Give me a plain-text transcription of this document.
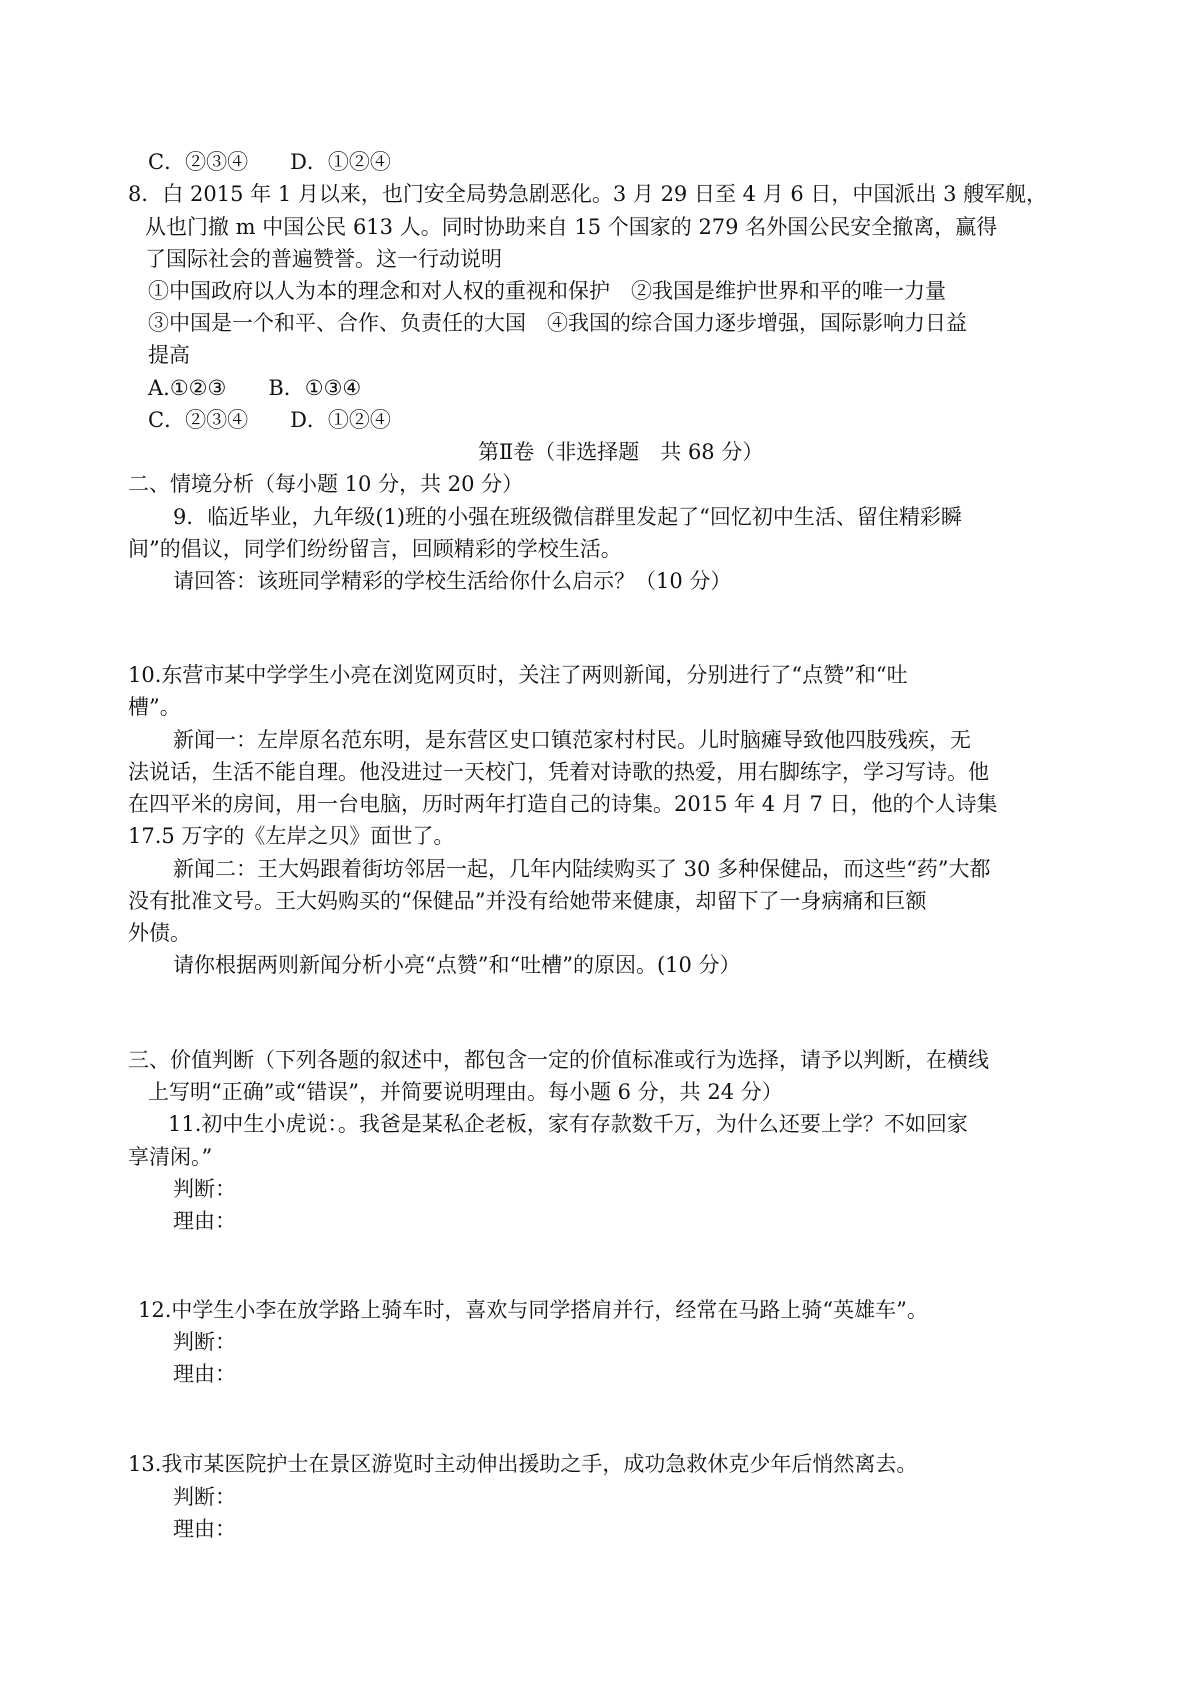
C．②③④　　D．①②④
8．白 2015 年 1 月以来，也门安全局势急剧恶化。3 月 29 日至 4 月 6 日，中国派出 3 艘军舰，
从也门撤 m 中国公民 613 人。同时协助来自 15 个国家的 279 名外国公民安全撤离，赢得
了国际社会的普遍赞誉。这一行动说明
①中国政府以人为本的理念和对人权的重视和保护　②我国是维护世界和平的唯一力量
③中国是一个和平、合作、负责任的大国　④我国的综合国力逐步增强，国际影响力日益
提高
A.①②③　　B．①③④
C．②③④　　D．①②④
第Ⅱ卷（非选择题　共 68 分）
二、情境分析（每小题 10 分，共 20 分）
9．临近毕业，九年级(1)班的小强在班级微信群里发起了“回忆初中生活、留住精彩瞬
间”的倡议，同学们纷纷留言，回顾精彩的学校生活。
请回答：该班同学精彩的学校生活给你什么启示？（10 分）
10.东营市某中学学生小亮在浏览网页时，关注了两则新闻，分别进行了“点赞”和“吐
槽”。
新闻一：左岸原名范东明，是东营区史口镇范家村村民。儿时脑瘫导致他四肢残疾，无
法说话，生活不能自理。他没进过一天校门，凭着对诗歌的热爱，用右脚练字，学习写诗。他
在四平米的房间，用一台电脑，历时两年打造自己的诗集。2015 年 4 月 7 日，他的个人诗集
17.5 万字的《左岸之贝》面世了。
新闻二：王大妈跟着街坊邻居一起，几年内陆续购买了 30 多种保健品，而这些“药”大都
没有批准文号。王大妈购买的“保健品”并没有给她带来健康，却留下了一身病痛和巨额
外债。
请你根据两则新闻分析小亮“点赞”和“吐槽”的原因。(10 分）
三、价值判断（下列各题的叙述中，都包含一定的价值标准或行为选择，请予以判断，在横线
上写明“正确”或“错误”，并简要说明理由。每小题 6 分，共 24 分）
11.初中生小虎说：。我爸是某私企老板，家有存款数千万，为什么还要上学？不如回家
享清闲。”
判断：
理由：
12.中学生小李在放学路上骑车时，喜欢与同学搭肩并行，经常在马路上骑“英雄车”。
判断：
理由：
13.我市某医院护士在景区游览时主动伸出援助之手，成功急救休克少年后悄然离去。
判断：
理由：
